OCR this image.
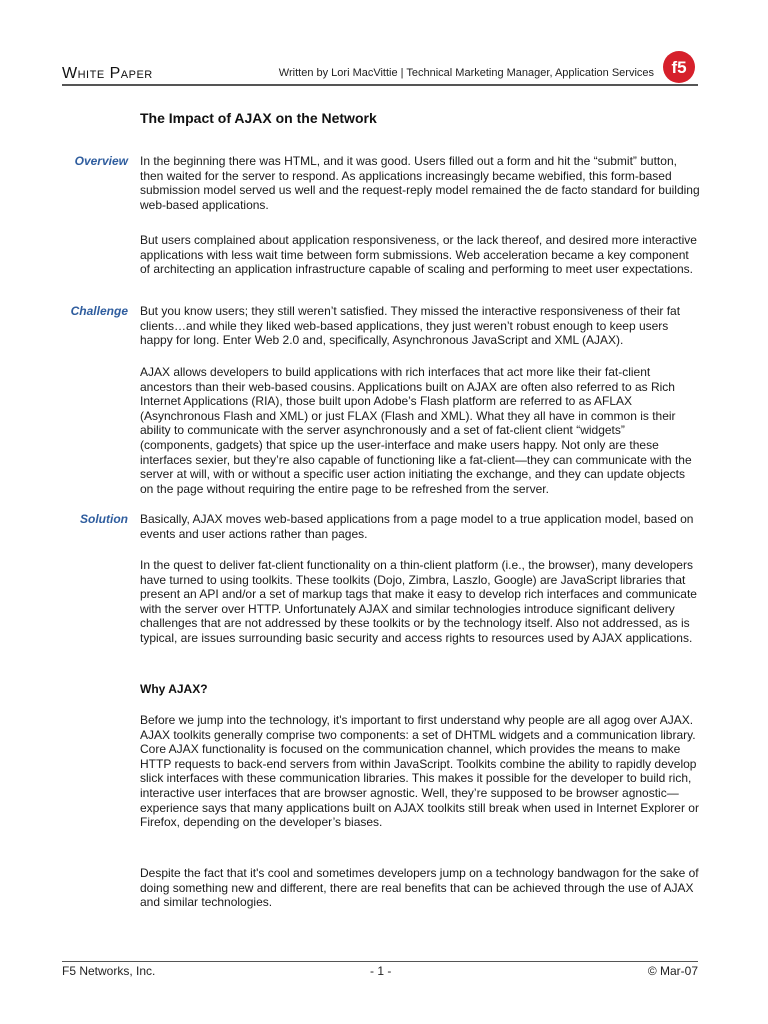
White Paper	Written by Lori MacVittie | Technical Marketing Manager, Application Services f5
The Impact of AJAX on the Network
Overview In the beginning there was HTML, and it was good. Users filled out a form and hit the “submit” button, then waited for the server to respond. As applications increasingly became webified, this form-based submission model served us well and the request-reply model remained the de facto standard for building web-based applications.

But users complained about application responsiveness, or the lack thereof, and desired more interactive applications with less wait time between form submissions. Web acceleration became a key component of architecting an application infrastructure capable of scaling and performing to meet user expectations.

Challenge But you know users; they still weren’t satisfied. They missed the interactive responsiveness of their fat clients…and while they liked web-based applications, they just weren’t robust enough to keep users happy for long. Enter Web 2.0 and, specifically, Asynchronous JavaScript and XML (AJAX).

AJAX allows developers to build applications with rich interfaces that act more like their fat-client ancestors than their web-based cousins. Applications built on AJAX are often also referred to as Rich Internet Applications (RIA), those built upon Adobe’s Flash platform are referred to as AFLAX (Asynchronous Flash and XML) or just FLAX (Flash and XML). What they all have in common is their ability to communicate with the server asynchronously and a set of fat-client client “widgets” (components, gadgets) that spice up the user-interface and make users happy. Not only are these interfaces sexier, but they’re also capable of functioning like a fat-client—they can communicate with the server at will, with or without a specific user action initiating the exchange, and they can update objects on the page without requiring the entire page to be refreshed from the server.

Solution Basically, AJAX moves web-based applications from a page model to a true application model, based on events and user actions rather than pages.

In the quest to deliver fat-client functionality on a thin-client platform (i.e., the browser), many developers have turned to using toolkits. These toolkits (Dojo, Zimbra, Laszlo, Google) are JavaScript libraries that present an API and/or a set of markup tags that make it easy to develop rich interfaces and communicate with the server over HTTP. Unfortunately AJAX and similar technologies introduce significant delivery challenges that are not addressed by these toolkits or by the technology itself. Also not addressed, as is typical, are issues surrounding basic security and access rights to resources used by AJAX applications.

Why AJAX?

Before we jump into the technology, it's important to first understand why people are all agog over AJAX. AJAX toolkits generally comprise two components: a set of DHTML widgets and a communication library. Core AJAX functionality is focused on the communication channel, which provides the means to make HTTP requests to back-end servers from within JavaScript. Toolkits combine the ability to rapidly develop slick interfaces with these communication libraries. This makes it possible for the developer to build rich, interactive user interfaces that are browser agnostic. Well, they’re supposed to be browser agnostic—experience says that many applications built on AJAX toolkits still break when used in Internet Explorer or Firefox, depending on the developer’s biases.

Despite the fact that it's cool and sometimes developers jump on a technology bandwagon for the sake of doing something new and different, there are real benefits that can be achieved through the use of AJAX and similar technologies.

F5 Networks, Inc.	- 1 -	© Mar-07
